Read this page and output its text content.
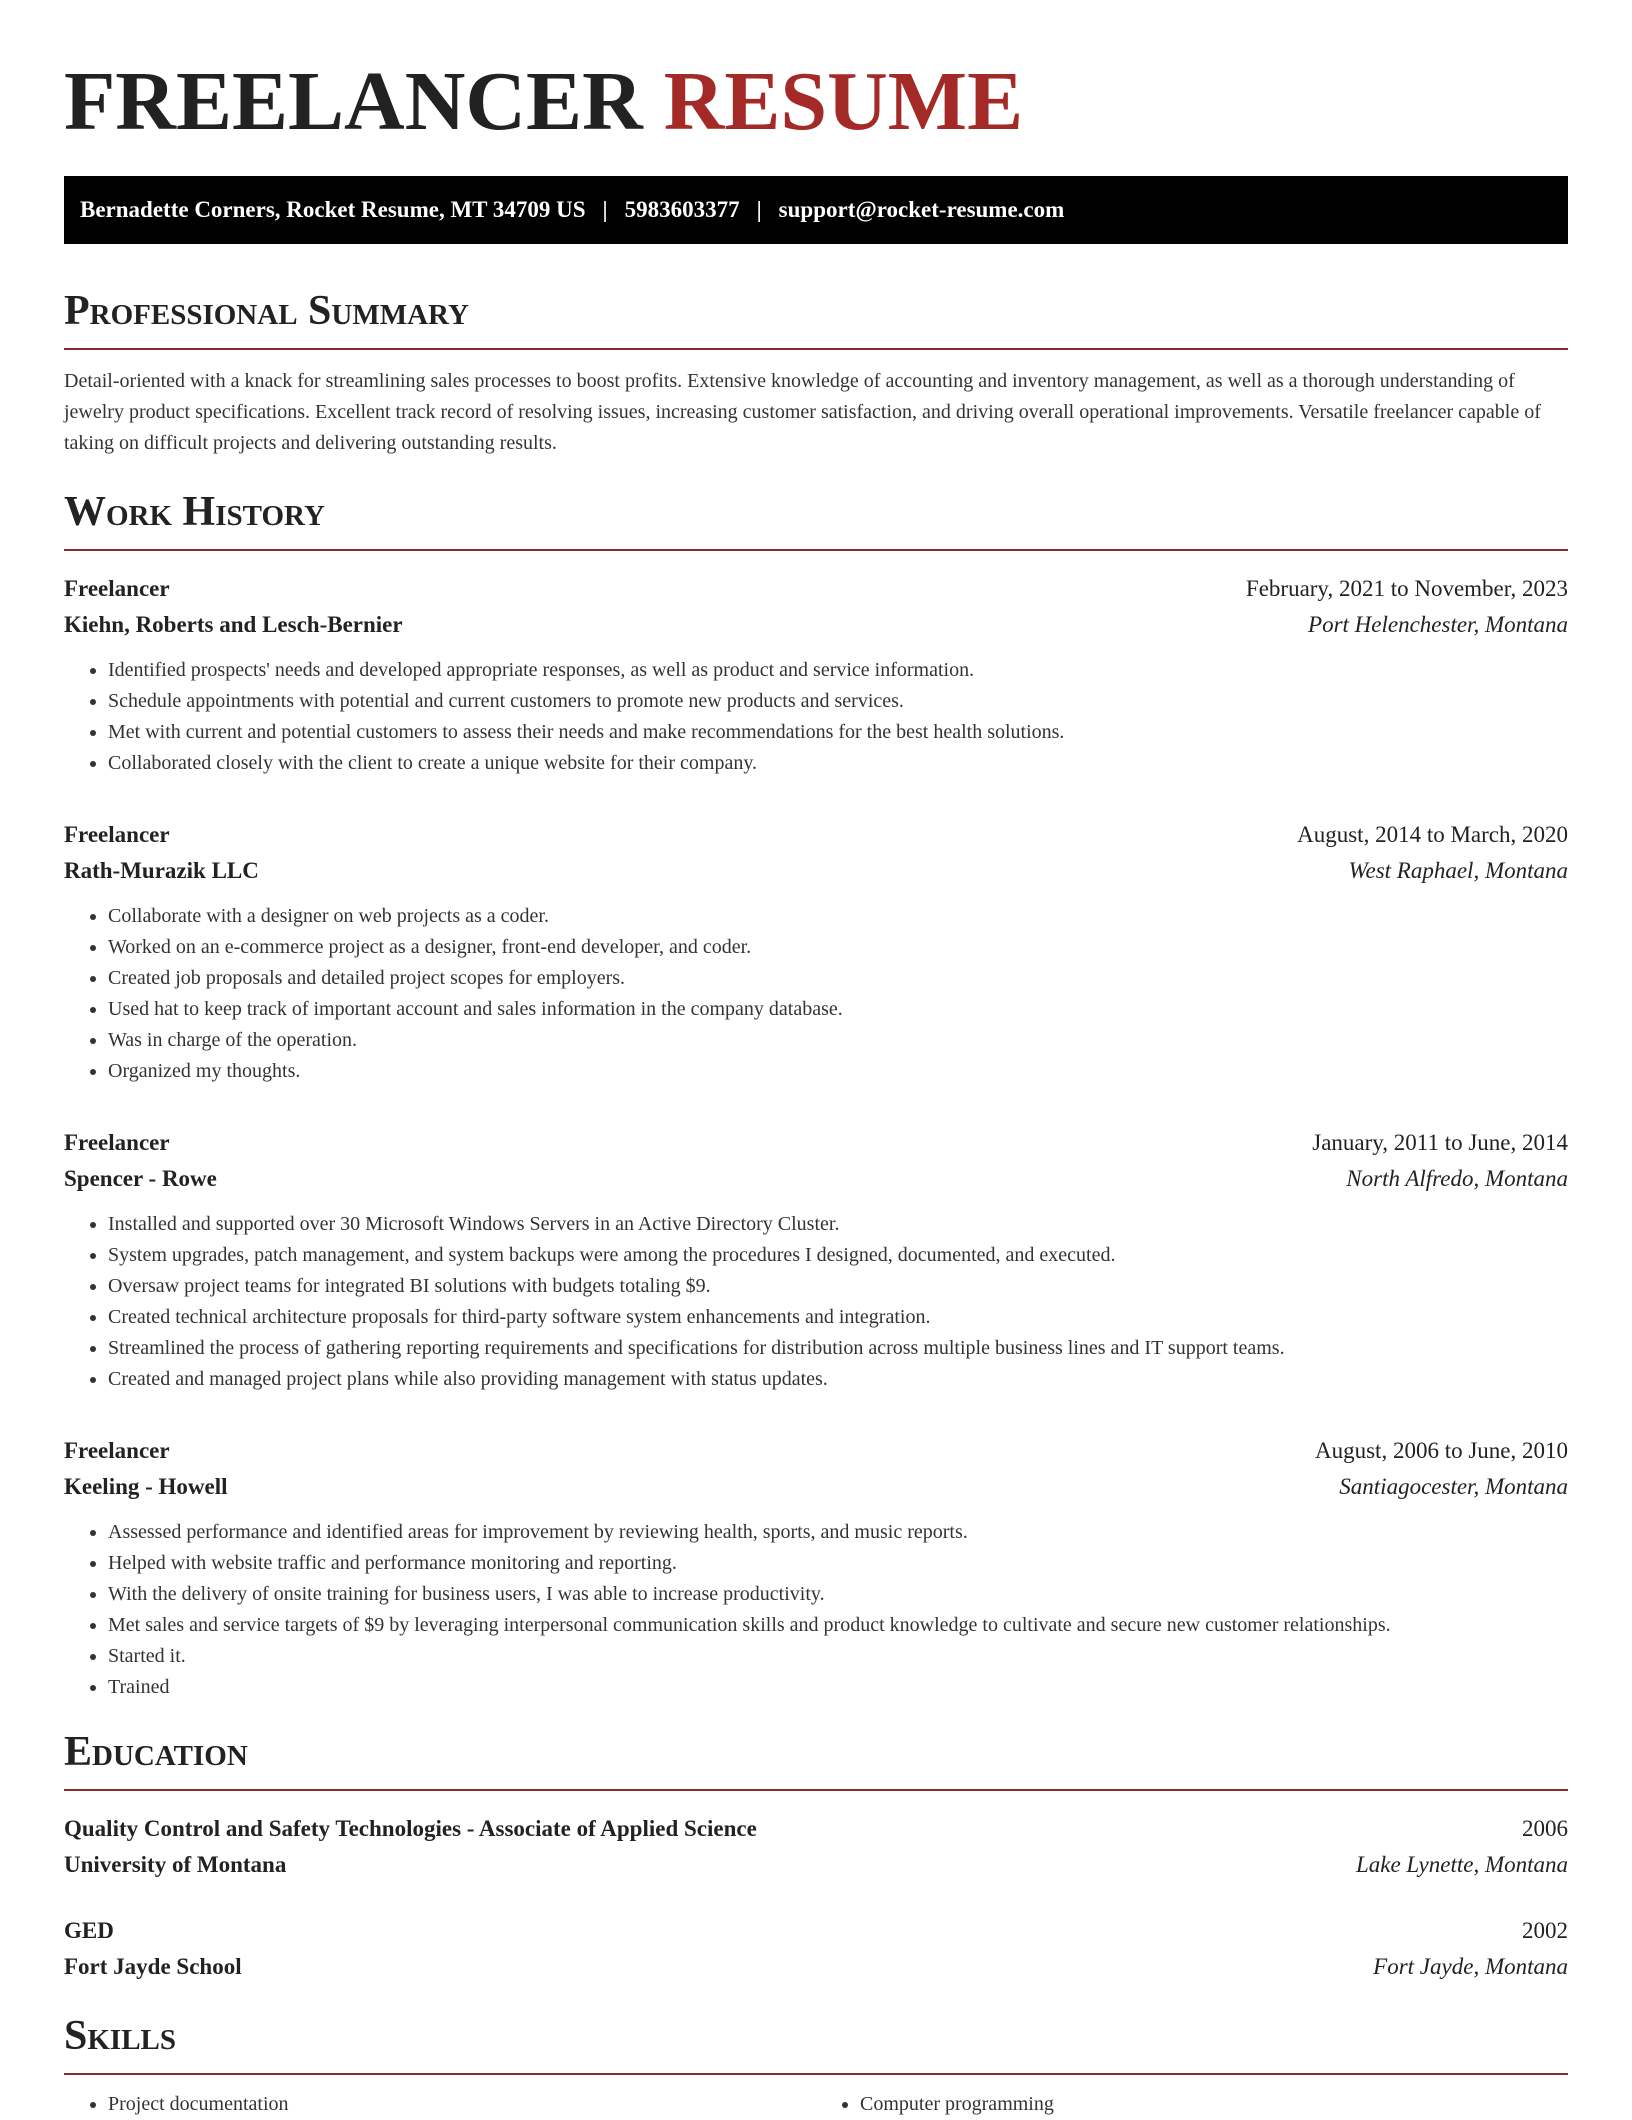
FREELANCER RESUME
Bernadette Corners, Rocket Resume, MT 34709 US | 5983603377 | support@rocket-resume.com
Professional Summary
Detail-oriented with a knack for streamlining sales processes to boost profits. Extensive knowledge of accounting and inventory management, as well as a thorough understanding of jewelry product specifications. Excellent track record of resolving issues, increasing customer satisfaction, and driving overall operational improvements. Versatile freelancer capable of taking on difficult projects and delivering outstanding results.
Work History
Freelancer	February, 2021 to November, 2023
Kiehn, Roberts and Lesch-Bernier	Port Helenchester, Montana
• Identified prospects' needs and developed appropriate responses, as well as product and service information.
• Schedule appointments with potential and current customers to promote new products and services.
• Met with current and potential customers to assess their needs and make recommendations for the best health solutions.
• Collaborated closely with the client to create a unique website for their company.
Freelancer	August, 2014 to March, 2020
Rath-Murazik LLC	West Raphael, Montana
• Collaborate with a designer on web projects as a coder.
• Worked on an e-commerce project as a designer, front-end developer, and coder.
• Created job proposals and detailed project scopes for employers.
• Used hat to keep track of important account and sales information in the company database.
• Was in charge of the operation.
• Organized my thoughts.
Freelancer	January, 2011 to June, 2014
Spencer - Rowe	North Alfredo, Montana
• Installed and supported over 30 Microsoft Windows Servers in an Active Directory Cluster.
• System upgrades, patch management, and system backups were among the procedures I designed, documented, and executed.
• Oversaw project teams for integrated BI solutions with budgets totaling $9.
• Created technical architecture proposals for third-party software system enhancements and integration.
• Streamlined the process of gathering reporting requirements and specifications for distribution across multiple business lines and IT support teams.
• Created and managed project plans while also providing management with status updates.
Freelancer	August, 2006 to June, 2010
Keeling - Howell	Santiagocester, Montana
• Assessed performance and identified areas for improvement by reviewing health, sports, and music reports.
• Helped with website traffic and performance monitoring and reporting.
• With the delivery of onsite training for business users, I was able to increase productivity.
• Met sales and service targets of $9 by leveraging interpersonal communication skills and product knowledge to cultivate and secure new customer relationships.
• Started it.
• Trained
Education
Quality Control and Safety Technologies - Associate of Applied Science	2006
University of Montana	Lake Lynette, Montana
GED	2002
Fort Jayde School	Fort Jayde, Montana
Skills
• Project documentation
•	Computer programming
